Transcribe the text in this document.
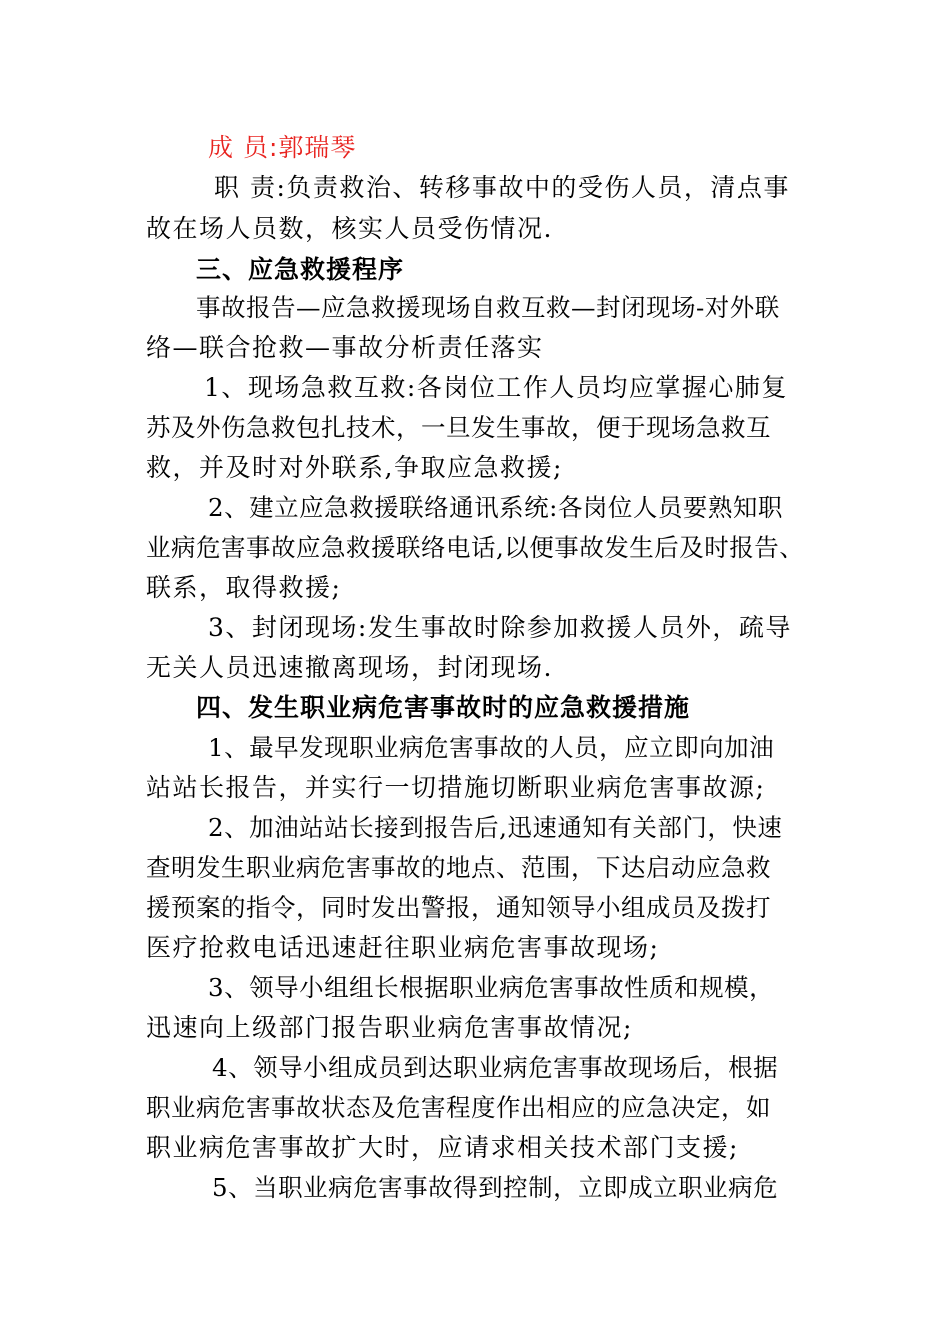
成 员:郭瑞琴
职 责:负责救治、转移事故中的受伤人员，清点事
故在场人员数，核实人员受伤情况.
三、应急救援程序
事故报告—应急救援现场自救互救—封闭现场-对外联
络—联合抢救—事故分析责任落实
1、现场急救互救:各岗位工作人员均应掌握心肺复
苏及外伤急救包扎技术，一旦发生事故，便于现场急救互
救，并及时对外联系,争取应急救援;
2、建立应急救援联络通讯系统:各岗位人员要熟知职
业病危害事故应急救援联络电话,以便事故发生后及时报告、
联系，取得救援;
3、封闭现场:发生事故时除参加救援人员外，疏导
无关人员迅速撤离现场，封闭现场.
四、发生职业病危害事故时的应急救援措施
1、最早发现职业病危害事故的人员，应立即向加油
站站长报告，并实行一切措施切断职业病危害事故源;
2、加油站站长接到报告后,迅速通知有关部门，快速
查明发生职业病危害事故的地点、范围，下达启动应急救
援预案的指令，同时发出警报，通知领导小组成员及拨打
医疗抢救电话迅速赶往职业病危害事故现场;
3、领导小组组长根据职业病危害事故性质和规模，
迅速向上级部门报告职业病危害事故情况;
4、领导小组成员到达职业病危害事故现场后，根据
职业病危害事故状态及危害程度作出相应的应急决定，如
职业病危害事故扩大时，应请求相关技术部门支援;
5、当职业病危害事故得到控制，立即成立职业病危
